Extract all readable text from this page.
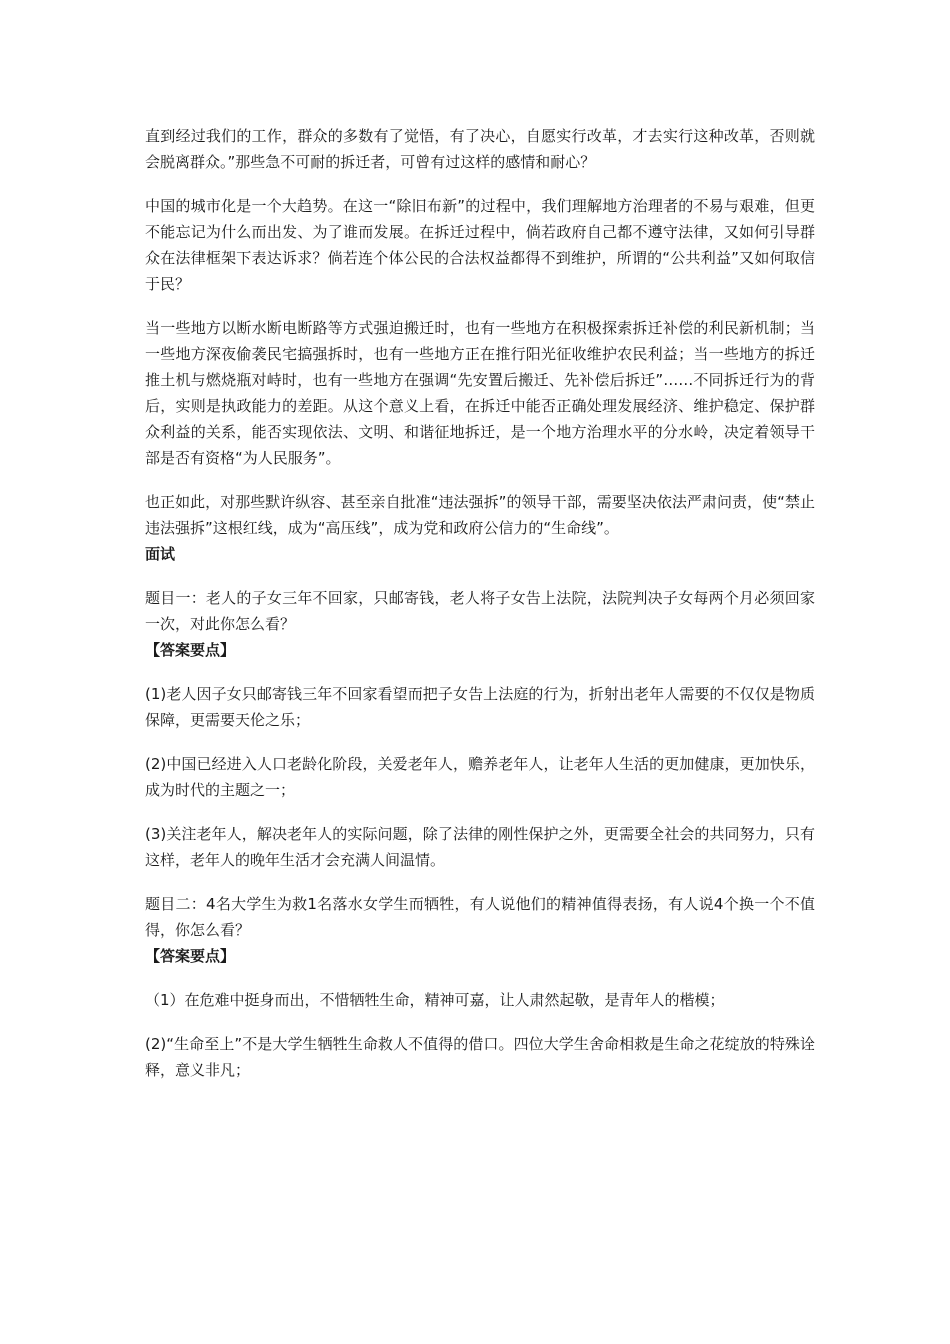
直到经过我们的工作，群众的多数有了觉悟，有了决心，自愿实行改革，才去实行这种改革，否则就会脱离群众。”那些急不可耐的拆迁者，可曾有过这样的感情和耐心？

中国的城市化是一个大趋势。在这一“除旧布新”的过程中，我们理解地方治理者的不易与艰难，但更不能忘记为什么而出发、为了谁而发展。在拆迁过程中，倘若政府自己都不遵守法律，又如何引导群众在法律框架下表达诉求？倘若连个体公民的合法权益都得不到维护，所谓的“公共利益”又如何取信于民？

当一些地方以断水断电断路等方式强迫搬迁时，也有一些地方在积极探索拆迁补偿的利民新机制；当一些地方深夜偷袭民宅搞强拆时，也有一些地方正在推行阳光征收维护农民利益；当一些地方的拆迁推土机与燃烧瓶对峙时，也有一些地方在强调“先安置后搬迁、先补偿后拆迁”……不同拆迁行为的背后，实则是执政能力的差距。从这个意义上看，在拆迁中能否正确处理发展经济、维护稳定、保护群众利益的关系，能否实现依法、文明、和谐征地拆迁，是一个地方治理水平的分水岭，决定着领导干部是否有资格“为人民服务”。

也正如此，对那些默许纵容、甚至亲自批准“违法强拆”的领导干部，需要坚决依法严肃问责，使“禁止违法强拆”这根红线，成为“高压线”，成为党和政府公信力的“生命线”。

面试

题目一：老人的子女三年不回家，只邮寄钱，老人将子女告上法院，法院判决子女每两个月必须回家一次，对此你怎么看？

【答案要点】

(1)老人因子女只邮寄钱三年不回家看望而把子女告上法庭的行为，折射出老年人需要的不仅仅是物质保障，更需要天伦之乐；

(2)中国已经进入人口老龄化阶段，关爱老年人，赡养老年人，让老年人生活的更加健康，更加快乐，成为时代的主题之一；

(3)关注老年人，解决老年人的实际问题，除了法律的刚性保护之外，更需要全社会的共同努力，只有这样，老年人的晚年生活才会充满人间温情。

题目二：4名大学生为救1名落水女学生而牺牲，有人说他们的精神值得表扬，有人说4个换一个不值得，你怎么看？

【答案要点】

（1）在危难中挺身而出，不惜牺牲生命，精神可嘉，让人肃然起敬，是青年人的楷模；

(2)“生命至上”不是大学生牺牲生命救人不值得的借口。四位大学生舍命相救是生命之花绽放的特殊诠释，意义非凡；
